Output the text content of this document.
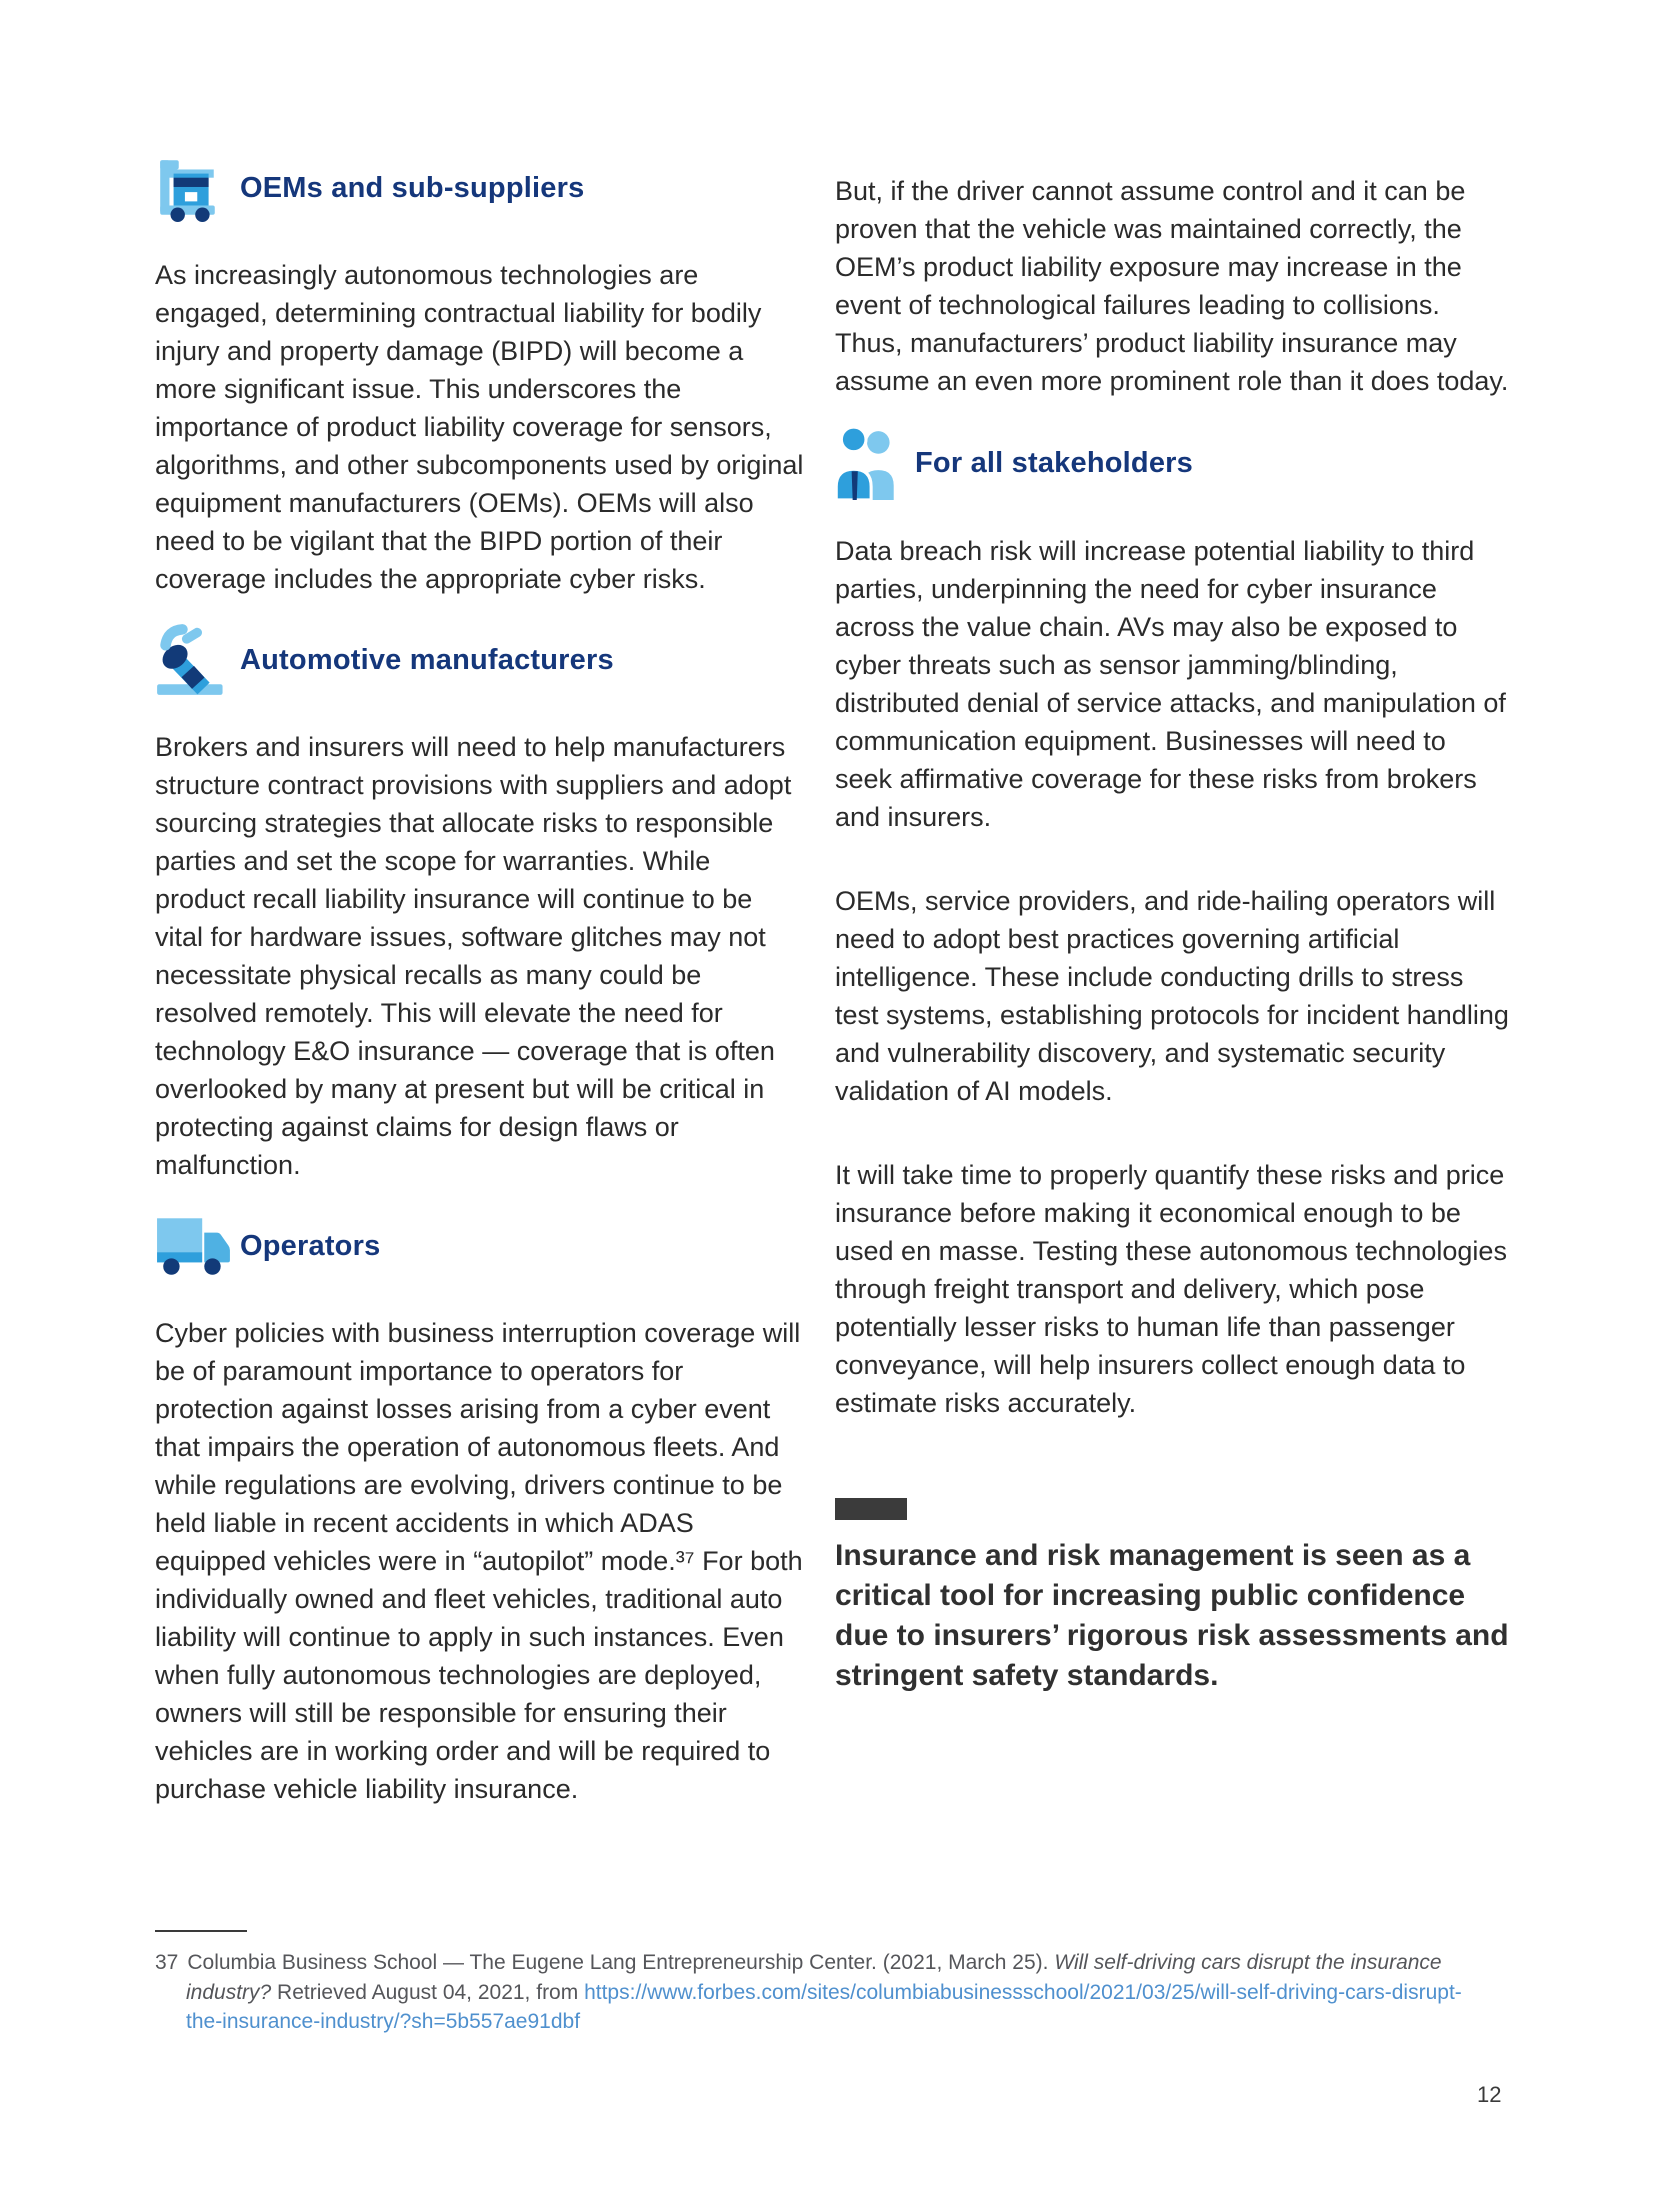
OEMs and sub-suppliers

As increasingly autonomous technologies are engaged, determining contractual liability for bodily injury and property damage (BIPD) will become a more significant issue. This underscores the importance of product liability coverage for sensors, algorithms, and other subcomponents used by original equipment manufacturers (OEMs). OEMs will also need to be vigilant that the BIPD portion of their coverage includes the appropriate cyber risks.

Automotive manufacturers

Brokers and insurers will need to help manufacturers structure contract provisions with suppliers and adopt sourcing strategies that allocate risks to responsible parties and set the scope for warranties. While product recall liability insurance will continue to be vital for hardware issues, software glitches may not necessitate physical recalls as many could be resolved remotely. This will elevate the need for technology E&O insurance — coverage that is often overlooked by many at present but will be critical in protecting against claims for design flaws or malfunction.

Operators

Cyber policies with business interruption coverage will be of paramount importance to operators for protection against losses arising from a cyber event that impairs the operation of autonomous fleets. And while regulations are evolving, drivers continue to be held liable in recent accidents in which ADAS equipped vehicles were in “autopilot” mode.³⁷ For both individually owned and fleet vehicles, traditional auto liability will continue to apply in such instances. Even when fully autonomous technologies are deployed, owners will still be responsible for ensuring their vehicles are in working order and will be required to purchase vehicle liability insurance.

But, if the driver cannot assume control and it can be proven that the vehicle was maintained correctly, the OEM’s product liability exposure may increase in the event of technological failures leading to collisions. Thus, manufacturers’ product liability insurance may assume an even more prominent role than it does today.

For all stakeholders

Data breach risk will increase potential liability to third parties, underpinning the need for cyber insurance across the value chain. AVs may also be exposed to cyber threats such as sensor jamming/blinding, distributed denial of service attacks, and manipulation of communication equipment. Businesses will need to seek affirmative coverage for these risks from brokers and insurers.

OEMs, service providers, and ride-hailing operators will need to adopt best practices governing artificial intelligence. These include conducting drills to stress test systems, establishing protocols for incident handling and vulnerability discovery, and systematic security validation of AI models.

It will take time to properly quantify these risks and price insurance before making it economical enough to be used en masse. Testing these autonomous technologies through freight transport and delivery, which pose potentially lesser risks to human life than passenger conveyance, will help insurers collect enough data to estimate risks accurately.

Insurance and risk management is seen as a critical tool for increasing public confidence due to insurers’ rigorous risk assessments and stringent safety standards.

37 Columbia Business School — The Eugene Lang Entrepreneurship Center. (2021, March 25). Will self-driving cars disrupt the insurance industry? Retrieved August 04, 2021, from https://www.forbes.com/sites/columbiabusinessschool/2021/03/25/will-self-driving-cars-disrupt-the-insurance-industry/?sh=5b557ae91dbf

12
